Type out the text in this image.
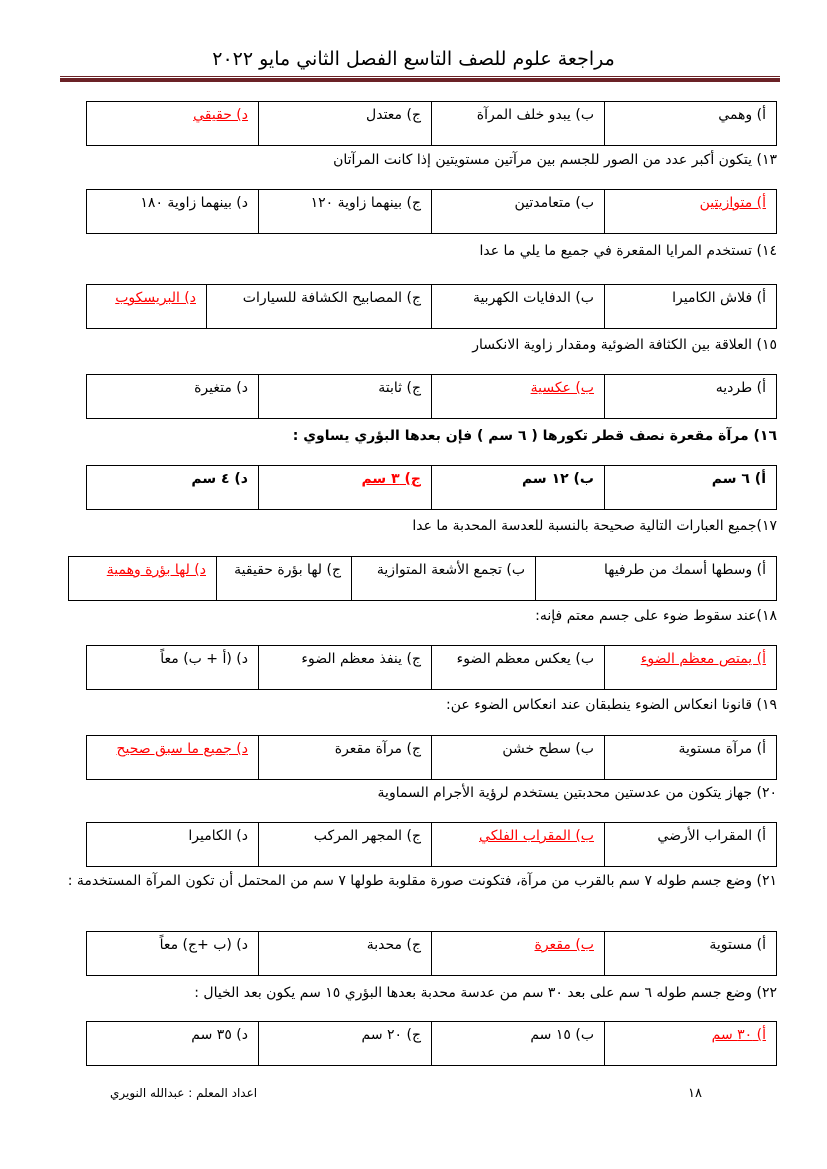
مراجعة علوم للصف التاسع الفصل الثاني مايو ٢٠٢٢
أ) وهمي	ب) يبدو خلف المرآة	ج) معتدل	د) حقيقي
١٣) يتكون أكبر عدد من الصور للجسم بين مرآتين مستويتين إذا كانت المرآتان
أ) متوازيتين	ب) متعامدتين	ج) بينهما زاوية ١٢٠	د) بينهما زاوية ١٨٠
١٤) تستخدم المرايا المقعرة في جميع ما يلي ما عدا
أ) فلاش الكاميرا	ب) الدفايات الكهربية	ج) المصابيح الكشافة للسيارات	د) البريسكوب
١٥) العلاقة بين الكثافة الضوئية ومقدار زاوية الانكسار
أ) طرديه	ب) عكسية	ج) ثابتة	د) متغيرة
١٦) مرآة مقعرة نصف قطر تكورها ( ٦ سم ) فإن بعدها البؤري يساوي :
أ) ٦ سم	ب) ١٢ سم	ج) ٣ سم	د) ٤ سم
١٧)جميع العبارات التالية صحيحة بالنسبة للعدسة المحدبة ما عدا
أ) وسطها أسمك من طرفيها	ب) تجمع الأشعة المتوازية	ج) لها بؤرة حقيقية	د) لها بؤرة وهمية
١٨)عند سقوط ضوء على جسم معتم فإنه:
أ) يمتص معظم الضوء	ب) يعكس معظم الضوء	ج) ينفذ معظم الضوء	د) (أ + ب) معاً
١٩) قانونا انعكاس الضوء ينطبقان عند انعكاس الضوء عن:
أ) مرآة مستوية	ب) سطح خشن	ج) مرآة مقعرة	د) جميع ما سبق صحيح
٢٠) جهاز يتكون من عدستين محدبتين يستخدم لرؤية الأجرام السماوية
أ) المقراب الأرضي	ب) المقراب الفلكي	ج) المجهر المركب	د) الكاميرا
٢١) وضع جسم طوله ٧ سم بالقرب من مرآة، فتكونت صورة مقلوبة طولها ٧ سم من المحتمل أن تكون المرآة المستخدمة :
أ) مستوية	ب) مقعرة	ج) محدبة	د) (ب +ج) معاً
٢٢) وضع جسم طوله ٦ سم على بعد ٣٠ سم من عدسة محدبة بعدها البؤري ١٥ سم يكون بعد الخيال :
أ) ٣٠ سم	ب) ١٥ سم	ج) ٢٠ سم	د) ٣٥ سم
١٨
اعداد المعلم : عبدالله النويري
